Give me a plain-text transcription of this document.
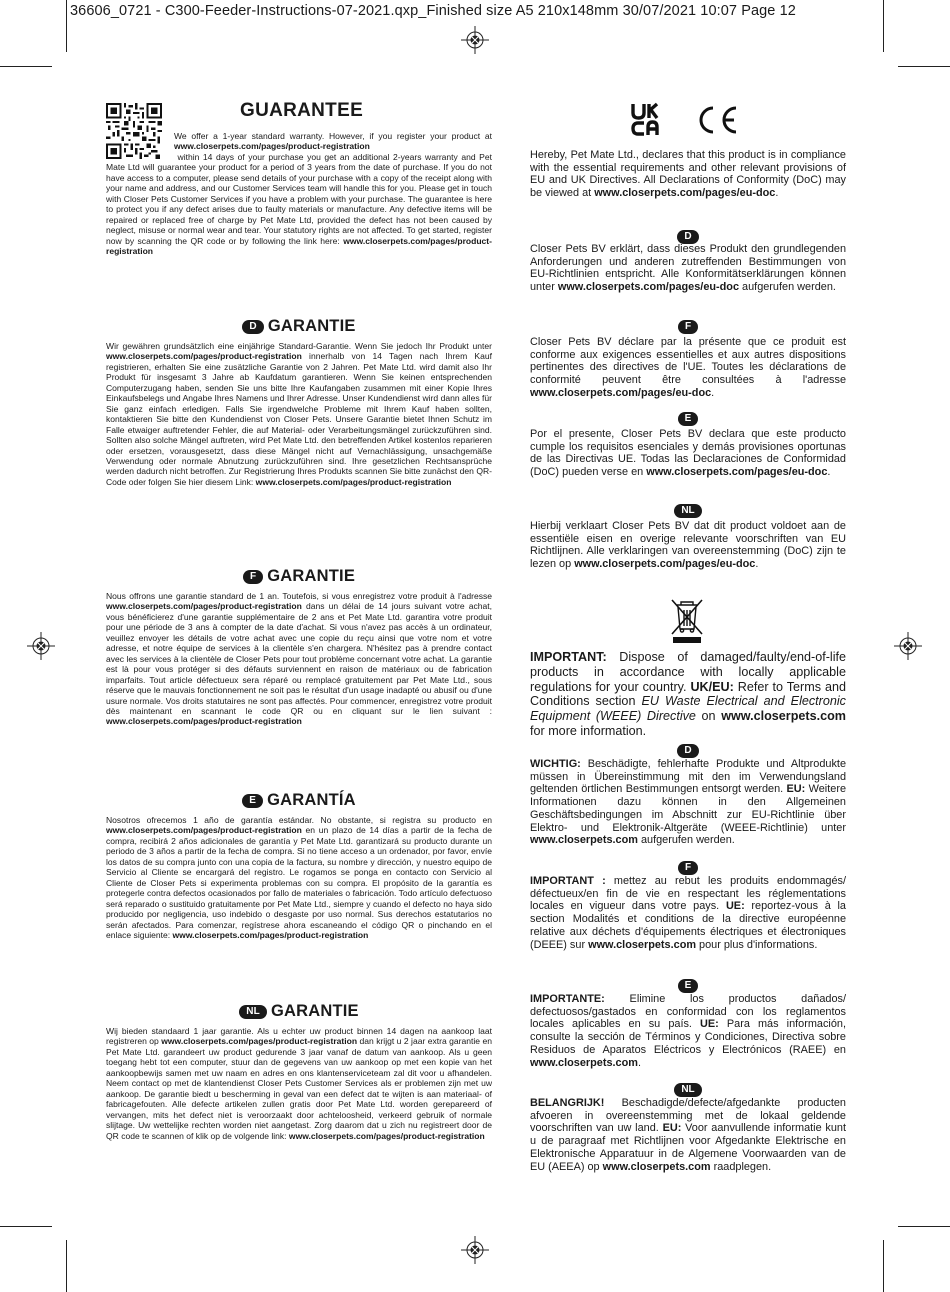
36606_0721 - C300-Feeder-Instructions-07-2021.qxp_Finished size A5 210x148mm 30/07/2021 10:07 Page 12
GUARANTEE

We offer a 1-year standard warranty. However, if you register your product at www.closerpets.com/pages/product-registration

within 14 days of your purchase you get an additional 2-years warranty and Pet Mate Ltd will guarantee your product for a period of 3 years from the date of purchase. If you do not have access to a computer, please send details of your purchase with a copy of the receipt along with your name and address, and our Customer Services team will handle this for you. Please get in touch with Closer Pets Customer Services if you have a problem with your purchase. The guarantee is here to protect you if any defect arises due to faulty materials or manufacture. Any defective items will be repaired or replaced free of charge by Pet Mate Ltd, provided the defect has not been caused by neglect, misuse or normal wear and tear. Your statutory rights are not affected. To get started, register now by scanning the QR code or by following the link here: www.closerpets.com/pages/product-registration

D GARANTIE

Wir gewähren grundsätzlich eine einjährige Standard-Garantie. Wenn Sie jedoch Ihr Produkt unter www.closerpets.com/pages/product-registration innerhalb von 14 Tagen nach Ihrem Kauf registrieren, erhalten Sie eine zusätzliche Garantie von 2 Jahren. Pet Mate Ltd. wird damit also Ihr Produkt für insgesamt 3 Jahre ab Kaufdatum garantieren. Wenn Sie keinen entsprechenden Computerzugang haben, senden Sie uns bitte Ihre Kaufangaben zusammen mit einer Kopie Ihres Einkaufsbelegs und Angabe Ihres Namens und Ihrer Adresse. Unser Kundendienst wird dann alles für Sie ganz einfach erledigen. Falls Sie irgendwelche Probleme mit Ihrem Kauf haben sollten, kontaktieren Sie bitte den Kundendienst von Closer Pets. Unsere Garantie bietet Ihnen Schutz im Falle etwaiger auftretender Fehler, die auf Material- oder Verarbeitungsmängel zurückzuführen sind. Sollten also solche Mängel auftreten, wird Pet Mate Ltd. den betreffenden Artikel kostenlos reparieren oder ersetzen, vorausgesetzt, dass diese Mängel nicht auf Vernachlässigung, unsachgemäße Verwendung oder normale Abnutzung zurückzuführen sind. Ihre gesetzlichen Rechtsansprüche werden dadurch nicht betroffen. Zur Registrierung Ihres Produkts scannen Sie bitte zunächst den QR-Code oder folgen Sie hier diesem Link: www.closerpets.com/pages/product-registration

F GARANTIE

Nous offrons une garantie standard de 1 an. Toutefois, si vous enregistrez votre produit à l'adresse www.closerpets.com/pages/product-registration dans un délai de 14 jours suivant votre achat, vous bénéficierez d'une garantie supplémentaire de 2 ans et Pet Mate Ltd. garantira votre produit pour une période de 3 ans à compter de la date d'achat. Si vous n'avez pas accès à un ordinateur, veuillez envoyer les détails de votre achat avec une copie du reçu ainsi que votre nom et votre adresse, et notre équipe de services à la clientèle s'en chargera. N'hésitez pas à prendre contact avec les services à la clientèle de Closer Pets pour tout problème concernant votre achat. La garantie est là pour vous protéger si des défauts surviennent en raison de matériaux ou de fabrication imparfaits. Tout article défectueux sera réparé ou remplacé gratuitement par Pet Mate Ltd., sous réserve que le mauvais fonctionnement ne soit pas le résultat d'un usage inadapté ou abusif ou d'une usure normale. Vos droits statutaires ne sont pas affectés. Pour commencer, enregistrez votre produit dès maintenant en scannant le code QR ou en cliquant sur le lien suivant : www.closerpets.com/pages/product-registration

E GARANTÍA

Nosotros ofrecemos 1 año de garantía estándar. No obstante, si registra su producto en www.closerpets.com/pages/product-registration en un plazo de 14 días a partir de la fecha de compra, recibirá 2 años adicionales de garantía y Pet Mate Ltd. garantizará su producto durante un periodo de 3 años a partir de la fecha de compra. Si no tiene acceso a un ordenador, por favor, envíe los datos de su compra junto con una copia de la factura, su nombre y dirección, y nuestro equipo de Servicio al Cliente se encargará del registro. Le rogamos se ponga en contacto con Servicio al Cliente de Closer Pets si experimenta problemas con su compra. El propósito de la garantía es protegerle contra defectos ocasionados por fallo de materiales o fabricación. Todo artículo defectuoso será reparado o sustituido gratuitamente por Pet Mate Ltd., siempre y cuando el defecto no haya sido producido por negligencia, uso indebido o desgaste por uso normal. Sus derechos estatutarios no serán afectados. Para comenzar, regístrese ahora escaneando el código QR o pinchando en el enlace siguiente: www.closerpets.com/pages/product-registration

NL GARANTIE

Wij bieden standaard 1 jaar garantie. Als u echter uw product binnen 14 dagen na aankoop laat registreren op www.closerpets.com/pages/product-registration dan krijgt u 2 jaar extra garantie en Pet Mate Ltd. garandeert uw product gedurende 3 jaar vanaf de datum van aankoop. Als u geen toegang hebt tot een computer, stuur dan de gegevens van uw aankoop op met een kopie van het aankoopbewijs samen met uw naam en adres en ons klantenserviceteam zal dit voor u afhandelen. Neem contact op met de klantendienst Closer Pets Customer Services als er problemen zijn met uw aankoop. De garantie biedt u bescherming in geval van een defect dat te wijten is aan materiaal- of fabricagefouten. Alle defecte artikelen zullen gratis door Pet Mate Ltd. worden gerepareerd of vervangen, mits het defect niet is veroorzaakt door achteloosheid, verkeerd gebruik of normale slijtage. Uw wettelijke rechten worden niet aangetast. Zorg daarom dat u zich nu registreert door de QR code te scannen of klik op de volgende link: www.closerpets.com/pages/product-registration

Hereby, Pet Mate Ltd., declares that this product is in compliance with the essential requirements and other relevant provisions of EU and UK Directives. All Declarations of Conformity (DoC) may be viewed at www.closerpets.com/pages/eu-doc.

D

Closer Pets BV erklärt, dass dieses Produkt den grundlegenden Anforderungen und anderen zutreffenden Bestimmungen von EU-Richtlinien entspricht. Alle Konformitätserklärungen können unter www.closerpets.com/pages/eu-doc aufgerufen werden.

F

Closer Pets BV déclare par la présente que ce produit est conforme aux exigences essentielles et aux autres dispositions pertinentes des directives de l'UE. Toutes les déclarations de conformité peuvent être consultées à l'adresse www.closerpets.com/pages/eu-doc.

E

Por el presente, Closer Pets BV declara que este producto cumple los requisitos esenciales y demás provisiones oportunas de las Directivas UE. Todas las Declaraciones de Conformidad (DoC) pueden verse en www.closerpets.com/pages/eu-doc.

NL

Hierbij verklaart Closer Pets BV dat dit product voldoet aan de essentiële eisen en overige relevante voorschriften van EU Richtlijnen. Alle verklaringen van overeenstemming (DoC) zijn te lezen op www.closerpets.com/pages/eu-doc.

IMPORTANT: Dispose of damaged/faulty/end-of-life products in accordance with locally applicable regulations for your country. UK/EU: Refer to Terms and Conditions section EU Waste Electrical and Electronic Equipment (WEEE) Directive on www.closerpets.com for more information.

D

WICHTIG: Beschädigte, fehlerhafte Produkte und Altprodukte müssen in Übereinstimmung mit den im Verwendungsland geltenden örtlichen Bestimmungen entsorgt werden. EU: Weitere Informationen dazu können in den Allgemeinen Geschäftsbedingungen im Abschnitt zur EU-Richtlinie über Elektro- und Elektronik-Altgeräte (WEEE-Richtlinie) unter www.closerpets.com aufgerufen werden.

F

IMPORTANT : mettez au rebut les produits endommagés/ défectueux/en fin de vie en respectant les réglementations locales en vigueur dans votre pays. UE: reportez-vous à la section Modalités et conditions de la directive européenne relative aux déchets d'équipements électriques et électroniques (DEEE) sur www.closerpets.com pour plus d'informations.

E

IMPORTANTE: Elimine los productos dañados/ defectuosos/gastados en conformidad con los reglamentos locales aplicables en su país. UE: Para más información, consulte la sección de Términos y Condiciones, Directiva sobre Residuos de Aparatos Eléctricos y Electrónicos (RAEE) en www.closerpets.com.

NL

BELANGRIJK! Beschadigde/defecte/afgedankte producten afvoeren in overeenstemming met de lokaal geldende voorschriften van uw land. EU: Voor aanvullende informatie kunt u de paragraaf met Richtlijnen voor Afgedankte Elektrische en Elektronische Apparatuur in de Algemene Voorwaarden van de EU (AEEA) op www.closerpets.com raadplegen.
